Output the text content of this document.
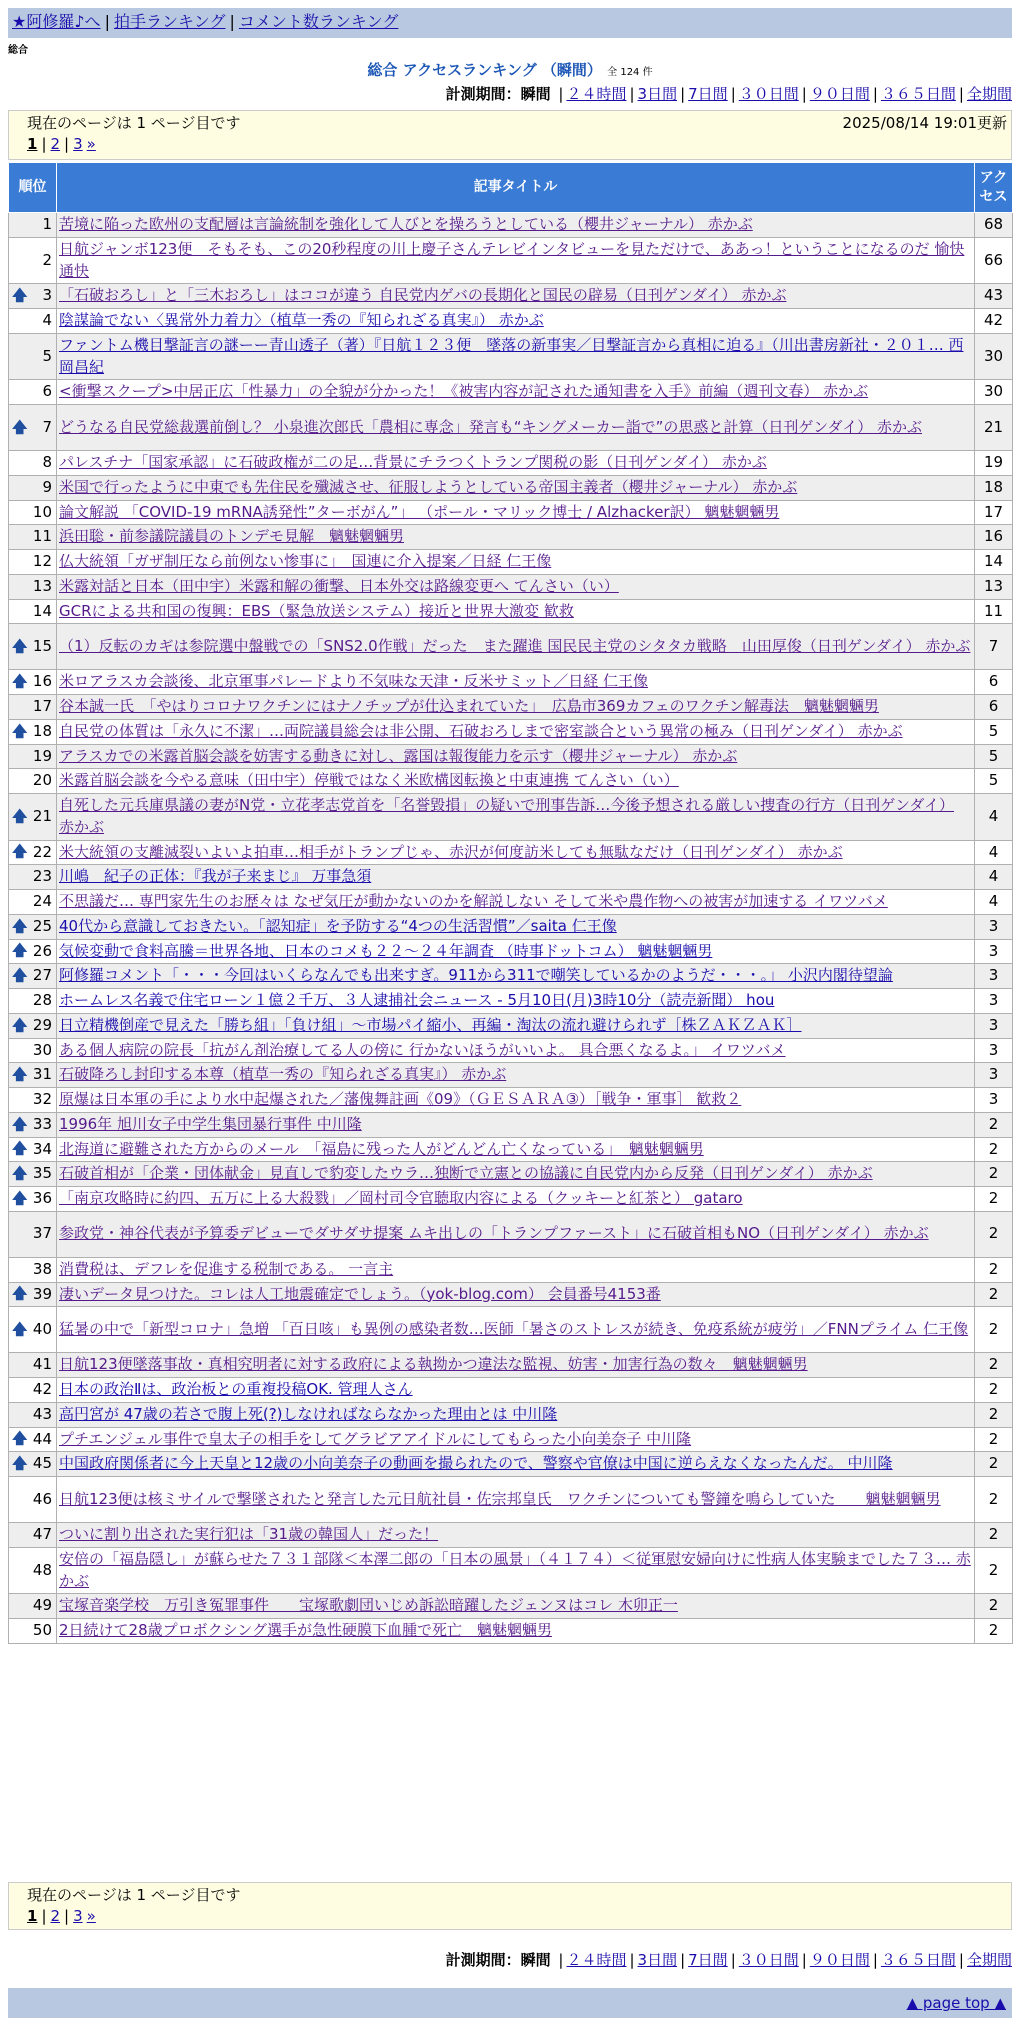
★阿修羅♪へ | 拍手ランキング | コメント数ランキング
総合
総合 アクセスランキング （瞬間） 全 124 件
計測期間：瞬間 | ２４時間 | 3日間 | 7日間 | ３０日間 | ９０日間 | ３６５日間 | 全期間
現在のページは 1 ページ目です	2025/08/14 19:01更新
1 | 2 | 3 »
順位	記事タイトル	アクセス
1	苦境に陥った欧州の支配層は言論統制を強化して人びとを操ろうとしている（櫻井ジャーナル） 赤かぶ	68
2	日航ジャンボ123便　そもそも、この20秒程度の川上慶子さんテレビインタビューを見ただけで、ああっ！ということになるのだ 愉快通快	66

🡅 3	「石破おろし」と「三木おろし」はココが違う 自民党内ゲバの長期化と国民の辟易（日刊ゲンダイ） 赤かぶ	43
4	陰謀論でない〈異常外力着力〉（植草一秀の『知られざる真実』） 赤かぶ	42
5	ファントム機目撃証言の謎ーー青山透子（著）『日航１２３便　墜落の新事実／目撃証言から真相に迫る』（川出書房新社・２０１… 西岡昌紀	30
6	<衝撃スクープ>中居正広「性暴力」の全貌が分かった！《被害内容が記された通知書を入手》前編（週刊文春） 赤かぶ	30

🡅 7	どうなる自民党総裁選前倒し？ 小泉進次郎氏「農相に専念」発言も“キングメーカー詣で”の思惑と計算（日刊ゲンダイ） 赤かぶ	21
8	パレスチナ「国家承認」に石破政権が二の足…背景にチラつくトランプ関税の影（日刊ゲンダイ） 赤かぶ	19
9	米国で行ったように中東でも先住民を殲滅させ、征服しようとしている帝国主義者（櫻井ジャーナル） 赤かぶ	18
10	論文解説 「COVID-19 mRNA誘発性”ターボがん”」 （ポール・マリック博士 / Alzhacker訳） 魑魅魍魎男	17
11	浜田聡・前参議院議員のトンデモ見解　魑魅魍魎男	16
12	仏大統領「ガザ制圧なら前例ない惨事に」　国連に介入提案／日経 仁王像	14
13	米露対話と日本（田中宇）米露和解の衝撃、日本外交は路線変更へ てんさい（い）	13
14	GCRによる共和国の復興：EBS（緊急放送システム）接近と世界大激変 歓救	11

🡅 15	（1）反転のカギは参院選中盤戦での「SNS2.0作戦」だった　また躍進 国民民主党のシタタカ戦略　山田厚俊（日刊ゲンダイ） 赤かぶ	7

🡅 16	米ロアラスカ会談後、北京軍事パレードより不気味な天津・反米サミット／日経 仁王像	6
17	谷本誠一氏　「やはりコロナワクチンにはナノチップが仕込まれていた」　広島市369カフェのワクチン解毒法　魑魅魍魎男	6

🡅 18	自民党の体質は「永久に不潔」…両院議員総会は非公開、石破おろしまで密室談合という異常の極み（日刊ゲンダイ） 赤かぶ	5
19	アラスカでの米露首脳会談を妨害する動きに対し、露国は報復能力を示す（櫻井ジャーナル） 赤かぶ	5
20	米露首脳会談を今やる意味（田中宇）停戦ではなく米欧構図転換と中東連携 てんさい（い）	5

🡅 21	自死した元兵庫県議の妻がN党・立花孝志党首を「名誉毀損」の疑いで刑事告訴…今後予想される厳しい捜査の行方（日刊ゲンダイ） 赤かぶ	4

🡅 22	米大統領の支離滅裂いよいよ拍車…相手がトランプじゃ、赤沢が何度訪米しても無駄なだけ（日刊ゲンダイ） 赤かぶ	4
23	川嶋　紀子の正体：『我が子来まじ』 万事急須	4
24	不思議だ… 専門家先生のお歴々は なぜ気圧が動かないのかを解説しない そして米や農作物への被害が加速する イワツバメ	4

🡅 25	40代から意識しておきたい。「認知症」を予防する“4つの生活習慣”／saita 仁王像	3

🡅 26	気候変動で食料高騰＝世界各地、日本のコメも２２～２４年調査 （時事ドットコム） 魑魅魍魎男	3

🡅 27	阿修羅コメント「・・・今回はいくらなんでも出来すぎ。911から311で嘲笑しているかのようだ・・・。」 小沢内閣待望論	3
28	ホームレス名義で住宅ローン１億２千万、３人逮捕社会ニュース - 5月10日(月)3時10分（読売新聞） hou	3

🡅 29	日立精機倒産で見えた「勝ち組」「負け組」～市場パイ縮小、再編・淘汰の流れ避けられず［株ＺＡＫＺＡＫ］	3
30	ある個人病院の院長「抗がん剤治療してる人の傍に 行かないほうがいいよ。 具合悪くなるよ。」 イワツバメ	3

🡅 31	石破降ろし封印する本尊（植草一秀の『知られざる真実』） 赤かぶ	3
32	原爆は日本軍の手により水中起爆された／藩傀舞註画《09》（ＧＥＳＡＲＡ③）［戦争・軍事］ 歓救２	3

🡅 33	1996年 旭川女子中学生集団暴行事件 中川隆	2

🡅 34	北海道に避難された方からのメール　「福島に残った人がどんどん亡くなっている」　魑魅魍魎男	2

🡅 35	石破首相が「企業・団体献金」見直しで豹変したウラ…独断で立憲との協議に自民党内から反発（日刊ゲンダイ） 赤かぶ	2

🡅 36	「南京攻略時に約四、五万に上る大殺戮」／岡村司令官聴取内容による（クッキーと紅茶と） gataro	2
37	参政党・神谷代表が予算委デビューでダサダサ提案 ムキ出しの「トランプファースト」に石破首相もNO（日刊ゲンダイ） 赤かぶ	2
38	消費税は、デフレを促進する税制である。 一言主	2

🡅 39	凄いデータ見つけた。コレは人工地震確定でしょう。（yok-blog.com） 会員番号4153番	2

🡅 40	猛暑の中で「新型コロナ」急増 「百日咳」も異例の感染者数…医師「暑さのストレスが続き、免疫系統が疲労」／FNNプライム 仁王像	2
41	日航123便墜落事故・真相究明者に対する政府による執拗かつ違法な監視、妨害・加害行為の数々　魑魅魍魎男	2
42	日本の政治Ⅱは、政治板との重複投稿OK. 管理人さん	2
43	高円宮が 47歳の若さで腹上死(?)しなければならなかった理由とは 中川隆	2

🡅 44	プチエンジェル事件で皇太子の相手をしてグラビアアイドルにしてもらった小向美奈子 中川隆	2

🡅 45	中国政府関係者に今上天皇と12歳の小向美奈子の動画を撮られたので、警察や官僚は中国に逆らえなくなったんだ。 中川隆	2
46	日航123便は核ミサイルで撃墜されたと発言した元日航社員・佐宗邦皇氏　ワクチンについても警鐘を鳴らしていた　　魑魅魍魎男	2
47	ついに割り出された実行犯は「31歳の韓国人」だった！	2
48	安倍の「福島隠し」が蘇らせた７３１部隊＜本澤二郎の「日本の風景」（４１７４）＜従軍慰安婦向けに性病人体実験までした７３… 赤かぶ	2
49	宝塚音楽学校　万引き冤罪事件　　宝塚歌劇団いじめ訴訟暗躍したジェンヌはコレ 木卯正一	2
50	2日続けて28歳プロボクシング選手が急性硬膜下血腫で死亡　魑魅魍魎男	2
現在のページは 1 ページ目です
1 | 2 | 3 »
計測期間：瞬間 | ２４時間 | 3日間 | 7日間 | ３０日間 | ９０日間 | ３６５日間 | 全期間
▲ page top ▲
